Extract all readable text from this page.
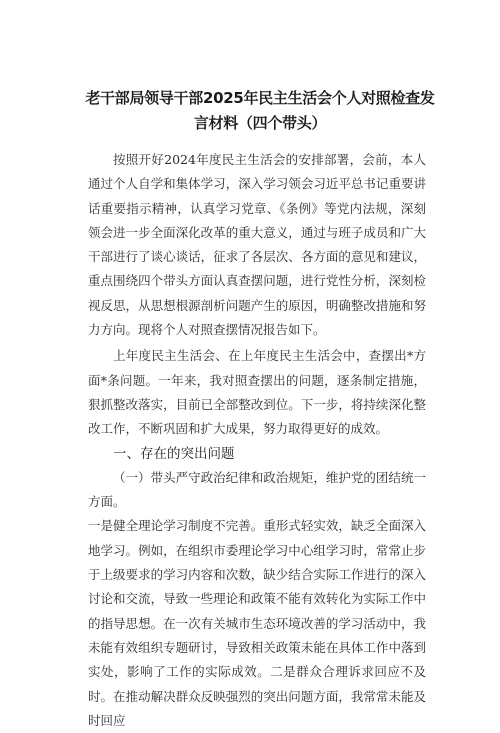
老干部局领导干部2025年民主生活会个人对照检查发言材料（四个带头）

按照开好2024年度民主生活会的安排部署，会前，本人通过个人自学和集体学习，深入学习领会习近平总书记重要讲话重要指示精神，认真学习党章、《条例》等党内法规，深刻领会进一步全面深化改革的重大意义，通过与班子成员和广大干部进行了谈心谈话，征求了各层次、各方面的意见和建议，重点围绕四个带头方面认真查摆问题，进行党性分析，深刻检视反思，从思想根源剖析问题产生的原因，明确整改措施和努力方向。现将个人对照查摆情况报告如下。

上年度民主生活会、在上年度民主生活会中，查摆出*方面*条问题。一年来，我对照查摆出的问题，逐条制定措施，狠抓整改落实，目前已全部整改到位。下一步，将持续深化整改工作，不断巩固和扩大成果，努力取得更好的成效。

一、存在的突出问题

（一）带头严守政治纪律和政治规矩，维护党的团结统一方面。

一是健全理论学习制度不完善。重形式轻实效，缺乏全面深入地学习。例如，在组织市委理论学习中心组学习时，常常止步于上级要求的学习内容和次数，缺少结合实际工作进行的深入讨论和交流，导致一些理论和政策不能有效转化为实际工作中的指导思想。在一次有关城市生态环境改善的学习活动中，我未能有效组织专题研讨，导致相关政策未能在具体工作中落到实处，影响了工作的实际成效。二是群众合理诉求回应不及时。在推动解决群众反映强烈的突出问题方面，我常常未能及时回应
